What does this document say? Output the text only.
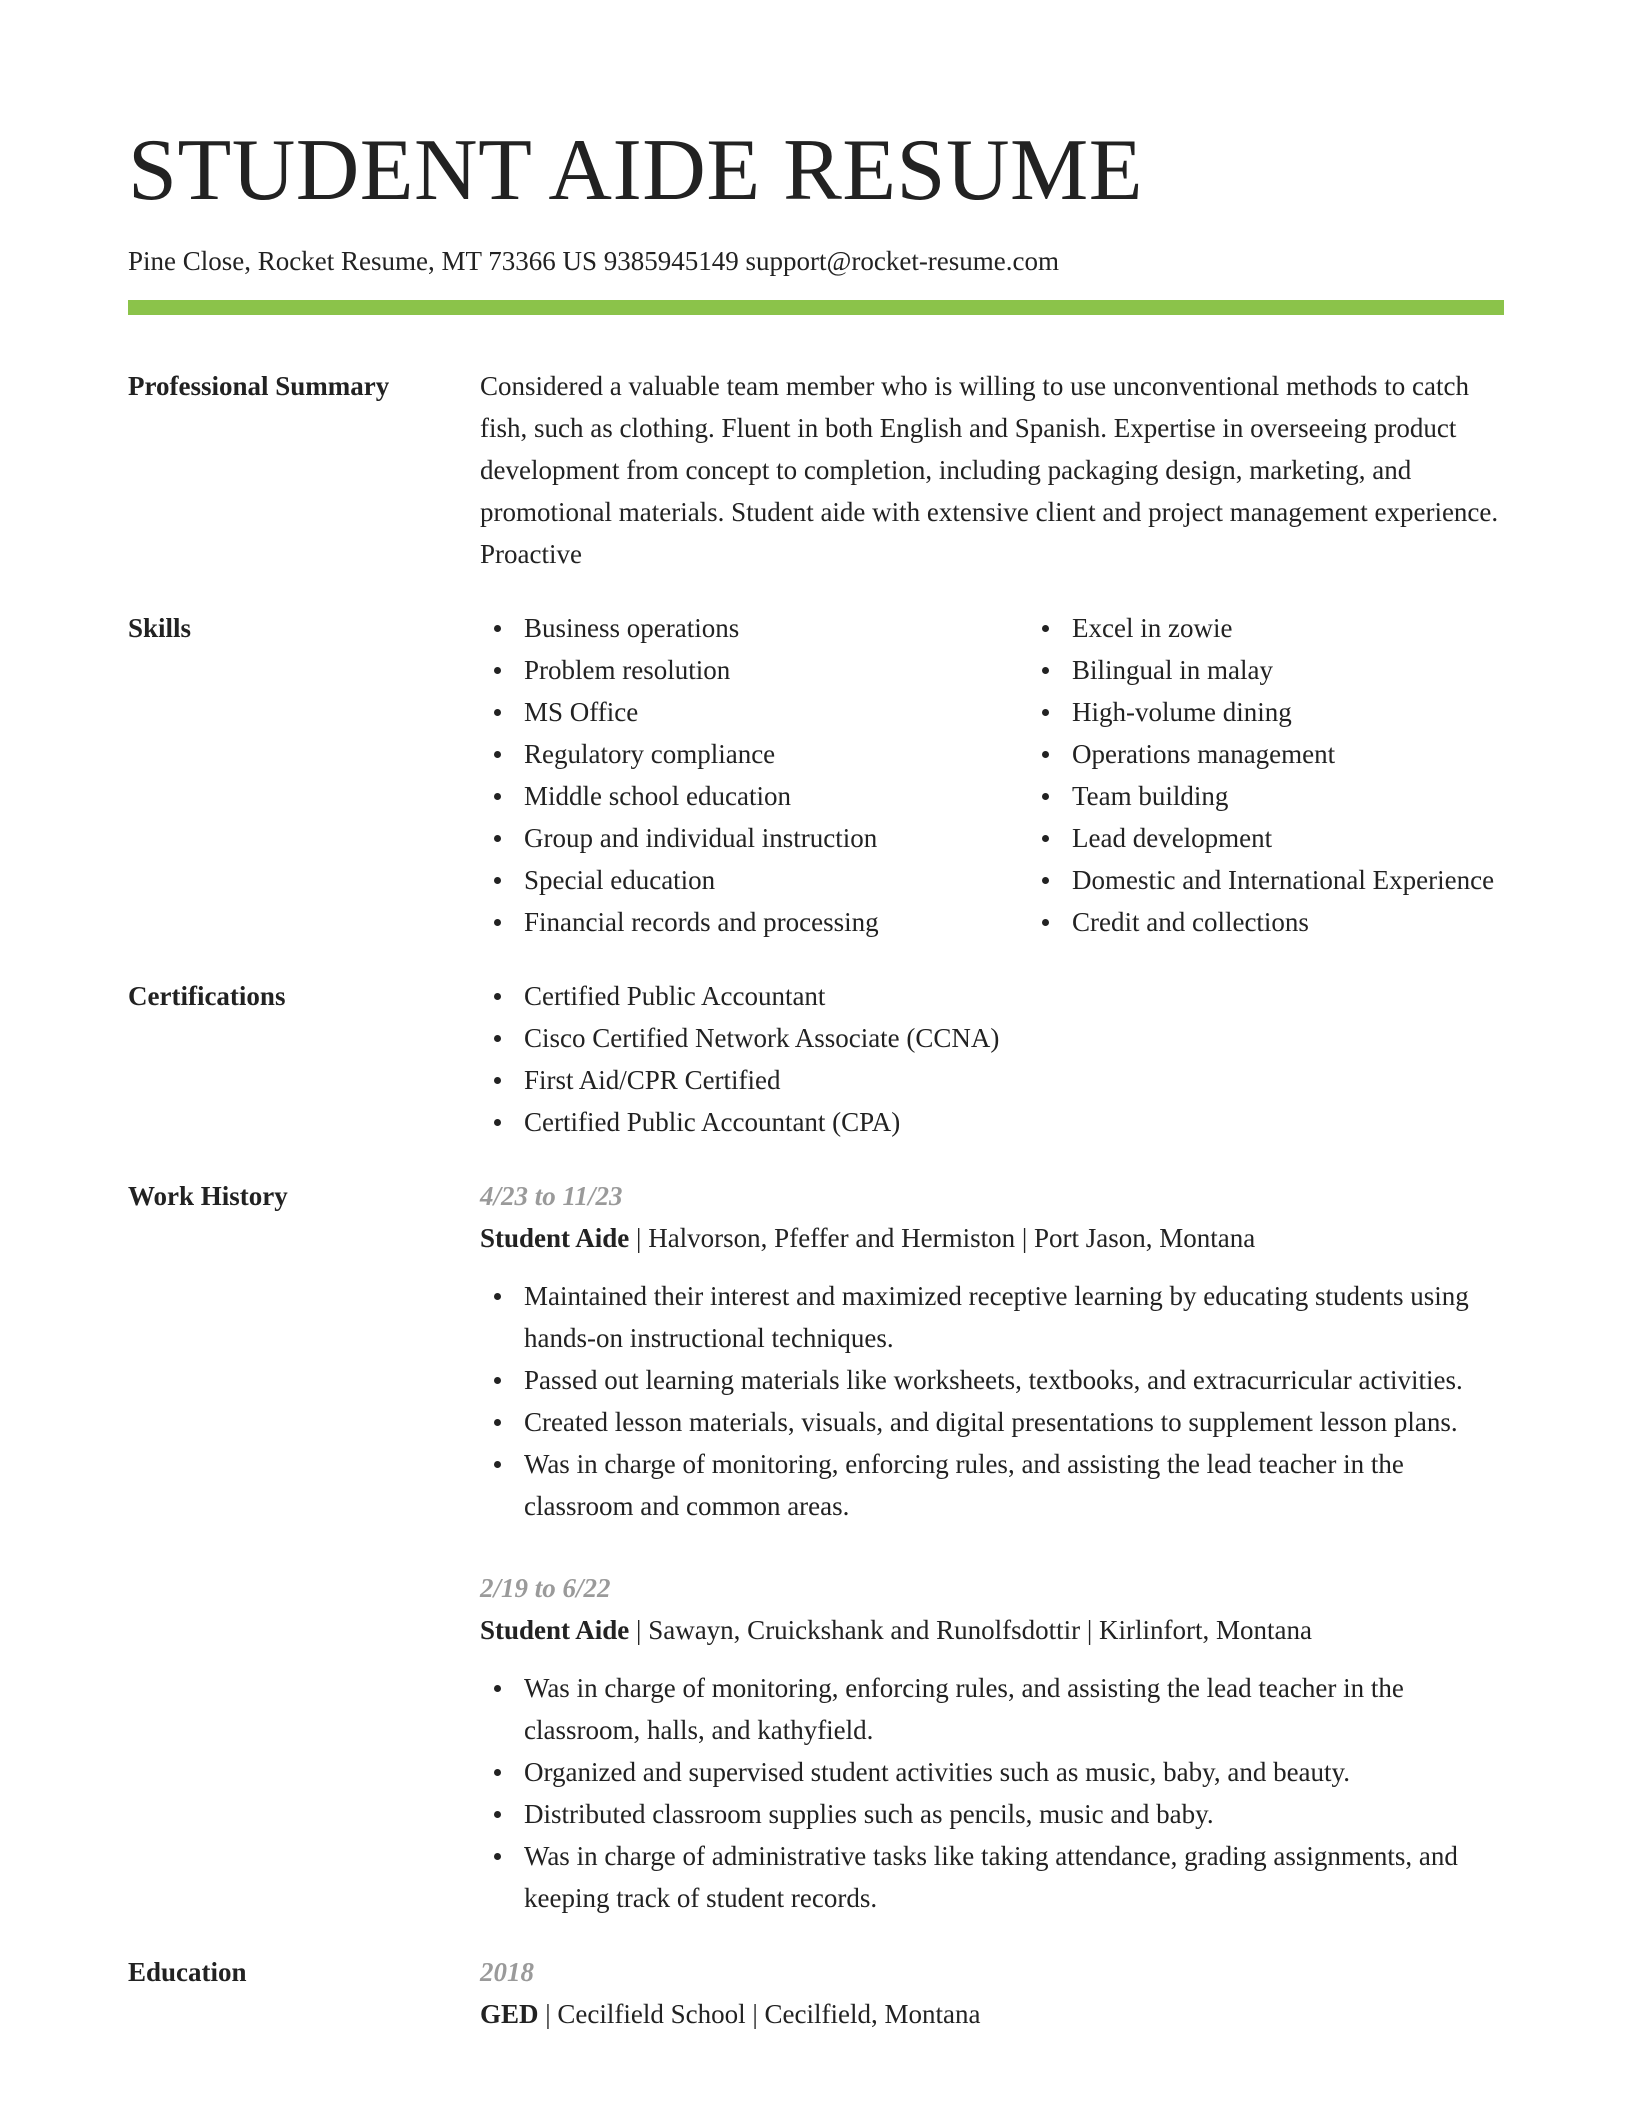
STUDENT AIDE RESUME
Pine Close, Rocket Resume, MT 73366 US 9385945149 support@rocket-resume.com
Professional Summary	Considered a valuable team member who is willing to use unconventional methods to catch fish, such as clothing. Fluent in both English and Spanish. Expertise in overseeing product development from concept to completion, including packaging design, marketing, and promotional materials. Student aide with extensive client and project management experience. Proactive
Skills	Business operations
Problem resolution
MS Office
Regulatory compliance
Middle school education
Group and individual instruction
Special education
Financial records and processing
Excel in zowie
Bilingual in malay
High-volume dining
Operations management
Team building
Lead development
Domestic and International Experience
Credit and collections
Certifications	Certified Public Accountant
Cisco Certified Network Associate (CCNA)
First Aid/CPR Certified
Certified Public Accountant (CPA)
Work History	4/23 to 11/23
Student Aide | Halvorson, Pfeffer and Hermiston | Port Jason, Montana
Maintained their interest and maximized receptive learning by educating students using hands-on instructional techniques.
Passed out learning materials like worksheets, textbooks, and extracurricular activities.
Created lesson materials, visuals, and digital presentations to supplement lesson plans.
Was in charge of monitoring, enforcing rules, and assisting the lead teacher in the classroom and common areas.
2/19 to 6/22
Student Aide | Sawayn, Cruickshank and Runolfsdottir | Kirlinfort, Montana
Was in charge of monitoring, enforcing rules, and assisting the lead teacher in the classroom, halls, and kathyfield.
Organized and supervised student activities such as music, baby, and beauty.
Distributed classroom supplies such as pencils, music and baby.
Was in charge of administrative tasks like taking attendance, grading assignments, and keeping track of student records.
Education	2018
GED | Cecilfield School | Cecilfield, Montana
